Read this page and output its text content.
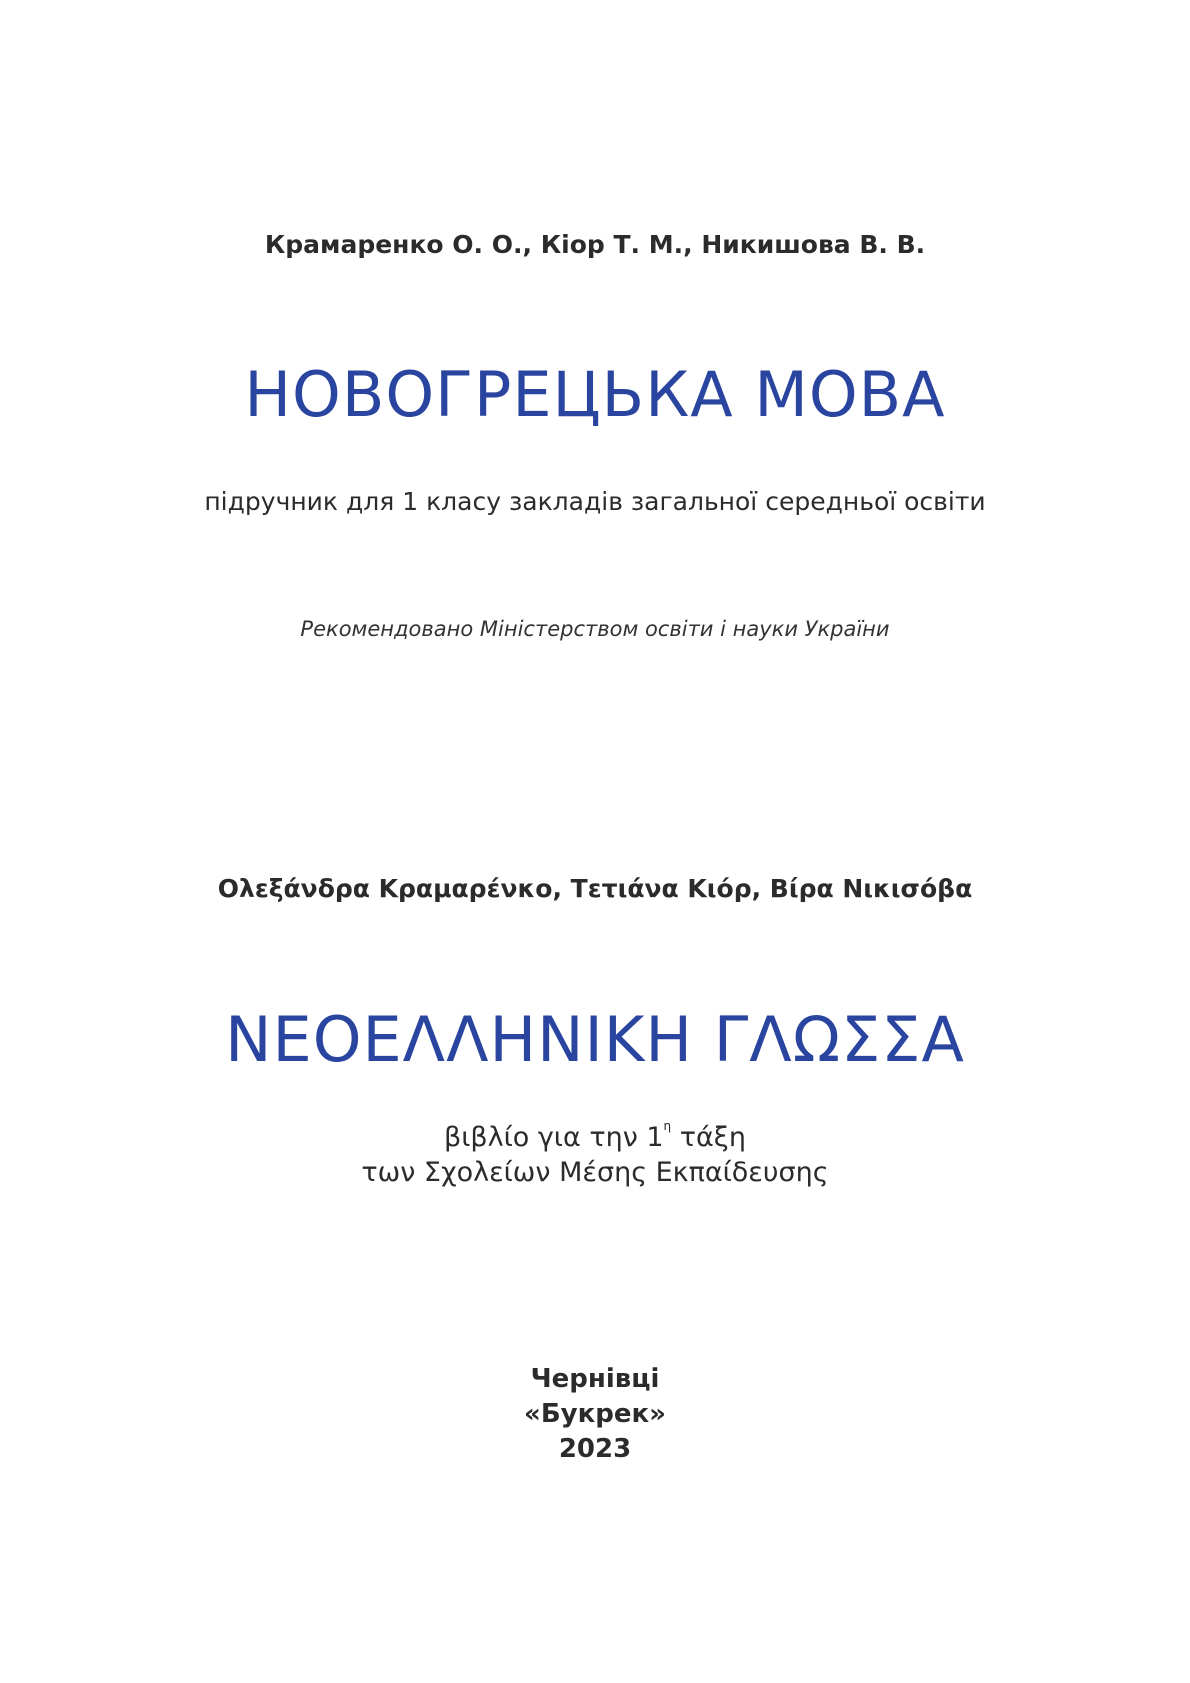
Крамаренко О. О., Кіор Т. М., Никишова В. В.
НОВОГРЕЦЬКА МОВА
підручник для 1 класу закладів загальної середньої освіти
Рекомендовано Міністерством освіти і науки України
Ολεξάνδρα Κραμαρένκο, Τετιάνα Κιόρ, Βίρα Νικισόβα
ΝΕΟΕΛΛΗΝΙΚΗ ΓΛΩΣΣΑ
βιβλίο για την $1^\eta$ τάξη
των Σχολείων Μέσης Εκπαίδευσης
Чернівці
«Букрек»
2023
